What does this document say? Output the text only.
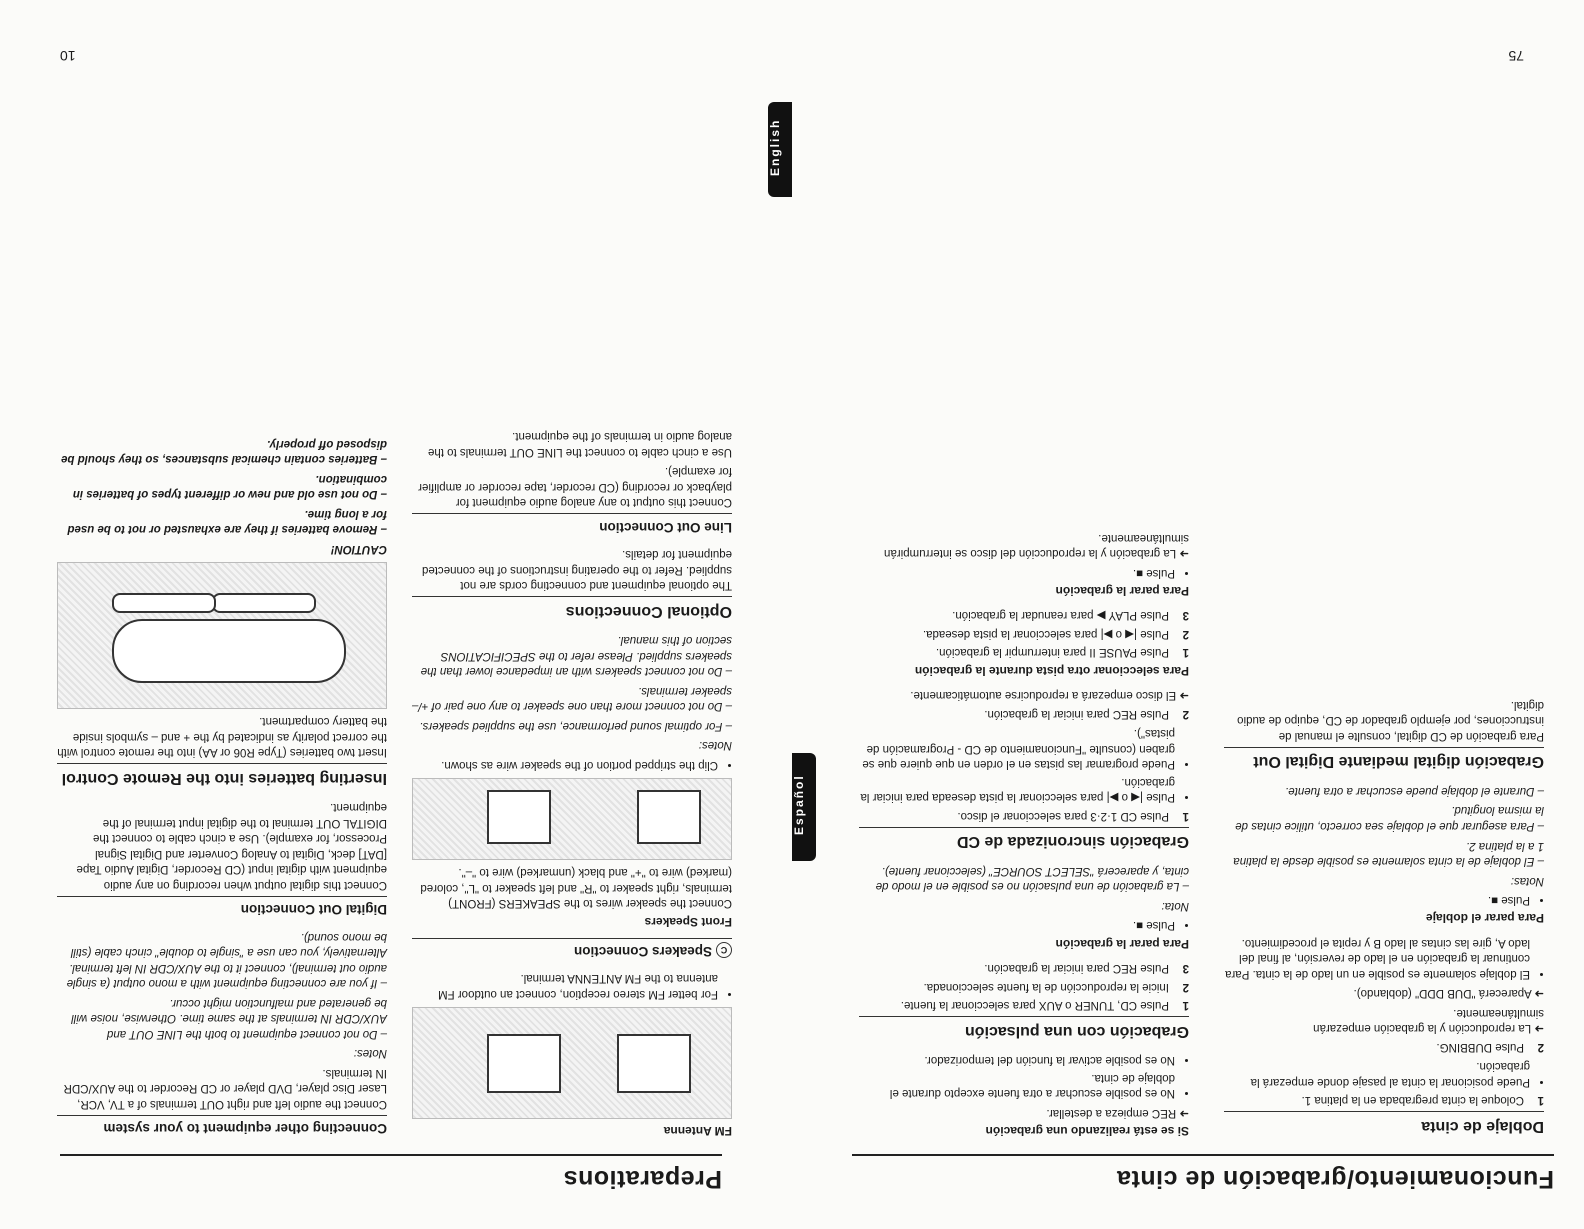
Preparations
English
FM Antenna
• For better FM stereo reception, connect an outdoor FM antenna to the FM ANTENNA terminal.
CSpeakers Connection
Front Speakers

Connect the speaker wires to the SPEAKERS (FRONT) terminals, right speaker to "R" and left speaker to "L", colored (marked) wire to "+" and black (unmarked) wire to "–".

• Clip the stripped portion of the speaker wire as shown.
Notes:
– For optimal sound performance, use the supplied speakers.
– Do not connect more than one speaker to any one pair of +/– speaker terminals.
– Do not connect speakers with an impedance lower than the speakers supplied. Please refer to the SPECIFICATIONS section of this manual.
Optional Connections

The optional equipment and connecting cords are not supplied. Refer to the operating instructions of the connected equipment for details.

Line Out Connection

Connect this output to any analog audio equipment for playback or recording (CD recorder, tape recorder or amplifier for example).

Use a cinch cable to connect the LINE OUT terminals to the analog audio in terminals of the equipment.

Connecting other equipment to your system

Connect the audio left and right OUT terminals of a TV, VCR, Laser Disc player, DVD player or CD Recorder to the AUX/CDR IN terminals.

Notes:
– Do not connect equipment to both the LINE OUT and AUX/CDR IN terminals at the same time. Otherwise, noise will be generated and malfunction might occur.
– If you are connecting equipment with a mono output (a single audio out terminal), connect it to the AUX/CDR IN left terminal. Alternatively, you can use a "single to double" cinch cable (still be mono sound).
Digital Out Connection

Connect this digital output when recording on any audio equipment with digital input (CD Recorder, Digital Audio Tape [DAT] deck, Digital to Analog Converter and Digital Signal Processor, for example). Use a cinch cable to connect the DIGITAL OUT terminal to the digital input terminal of the equipment.

Inserting batteries into the Remote Control

Insert two batteries (Type R06 or AA) into the remote control with the correct polarity as indicated by the + and – symbols inside the battery compartment.

CAUTION!
– Remove batteries if they are exhausted or not to be used for a long time.
– Do not use old and new or different types of batteries in combination.
– Batteries contain chemical substances, so they should be disposed off properly.
10
Funcionamiento/grabación de cinta
Español
Doblaje de cinta
1
Coloque la cinta pregrabada en la platina 1.
• Puede posicionar la cinta al pasaje donde empezará la grabación.
2
Pulse DUBBING.

➜ La reproducción y la grabación empezarán simultáneamente.

➜ Aparecerá "DUB DDD" (doblando).

• El doblaje solamente es posible en un lado de la cinta. Para continuar la grabación en el lado de reversión, al final del lado A, gire las cintas al lado B y repita el procedimiento.
Para parar el doblaje
• Pulse ■.
Notas:
– El doblaje de la cinta solamente es posible desde la platina 1 a la platina 2.
– Para asegurar que el doblaje sea correcto, utilice cintas de la misma longitud.
– Durante el doblaje puede escuchar a otra fuente.
Grabación digital mediante Digital Out

Para grabación de CD digital, consulte el manual de instrucciones, por ejemplo grabador de CD, equipo de audio digital.

Si se está realizando una grabación

➜ REC empieza a destellar.

• No es posible escuchar a otra fuente excepto durante el doblaje de cinta.
• No es posible activar la función del temporizador.
Grabación con una pulsación
1
Pulse CD, TUNER o AUX para seleccionar la fuente.
2
Inicie la reproducción de la fuente seleccionada.
3
Pulse REC para iniciar la grabación.
Para parar la grabación
• Pulse ■.
Nota:
– La grabación de una pulsación no es posible en el modo de cinta, y aparecerá "SELECT SOURCE" (seleccionar fuente).
Grabación sincronizada de CD
1
Pulse CD 1·2·3 para seleccionar el disco.
• Pulse |◀ o ▶| para seleccionar la pista deseada para iniciar la grabación.
• Puede programar las pistas en el orden en que quiere que se graben (consulte "Funcionamiento de CD - Programación de pistas").
2
Pulse REC para iniciar la grabación.

➜ El disco empezará a reproducirse automáticamente.

Para seleccionar otra pista durante la grabación
1
Pulse PAUSE II para interrumpir la grabación.
2
Pulse |◀ o ▶| para seleccionar la pista deseada.
3
Pulse PLAY ▶ para reanudar la grabación.
Para parar la grabación
• Pulse ■.

➜ La grabación y la reproducción del disco se interrumpirán simultáneamente.

75
